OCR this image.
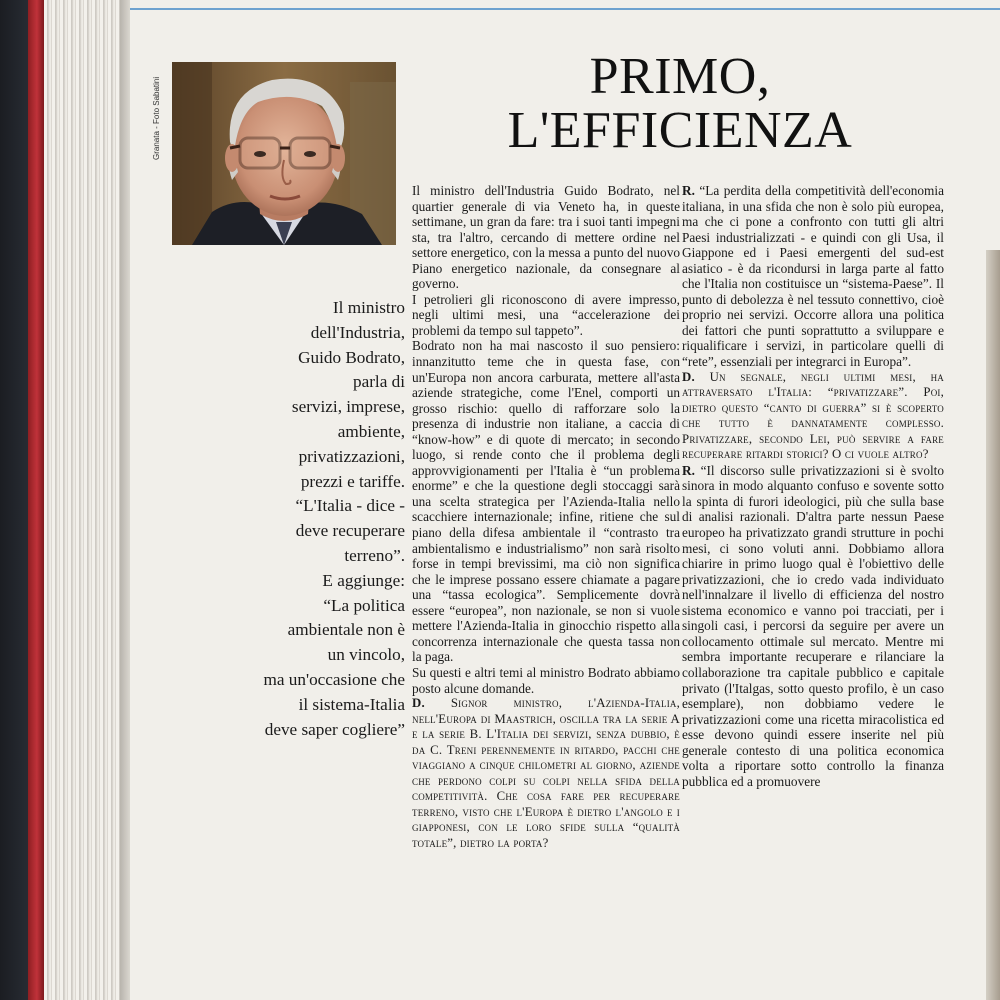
Granata - Foto Sabatini
PRIMO,
L'EFFICIENZA
Il ministro
dell'Industria,
Guido Bodrato,
parla di
servizi, imprese,
ambiente,
privatizzazioni,
prezzi e tariffe.
“L'Italia - dice -
deve recuperare
terreno”.
E aggiunge:
“La politica
ambientale non è
un vincolo,
ma un'occasione che
il sistema-Italia
deve saper cogliere”

Il ministro dell'Industria Guido Bodrato, nel quartier generale di via Veneto ha, in queste settimane, un gran da fare: tra i suoi tanti impegni sta, tra l'altro, cercando di mettere ordine nel settore energetico, con la messa a punto del nuovo Piano energetico nazionale, da consegnare al governo.

I petrolieri gli riconoscono di avere impresso, negli ultimi mesi, una “accelerazione dei problemi da tempo sul tappeto”.

Bodrato non ha mai nascosto il suo pensiero: innanzitutto teme che in questa fase, con un'Europa non ancora carburata, mettere all'asta aziende strategiche, come l'Enel, comporti un grosso rischio: quello di rafforzare solo la presenza di industrie non italiane, a caccia di “know-how” e di quote di mercato; in secondo luogo, si rende conto che il problema degli approvvigionamenti per l'Italia è “un problema enorme” e che la questione degli stoccaggi sarà una scelta strategica per l'Azienda-Italia nello scacchiere internazionale; infine, ritiene che sul piano della difesa ambientale il “contrasto tra ambientalismo e industrialismo” non sarà risolto forse in tempi brevissimi, ma ciò non significa che le imprese possano essere chiamate a pagare una “tassa ecologica”. Semplicemente dovrà essere “europea”, non nazionale, se non si vuole mettere l'Azienda-Italia in ginocchio rispetto alla concorrenza internazionale che questa tassa non la paga.

Su questi e altri temi al ministro Bodrato abbiamo posto alcune domande.

D. Signor ministro, l'Azienda-Italia, nell'Europa di Maastrich, oscilla tra la serie A e la serie B. L'Italia dei servizi, senza dubbio, è da C. Treni perennemente in ritardo, pacchi che viaggiano a cinque chilometri al giorno, aziende che perdono colpi su colpi nella sfida della competitività. Che cosa fare per recuperare terreno, visto che l'Europa è dietro l'angolo e i giapponesi, con le loro sfide sulla “qualità totale”, dietro la porta?

R. “La perdita della competitività dell'economia italiana, in una sfida che non è solo più europea, ma che ci pone a confronto con tutti gli altri Paesi industrializzati - e quindi con gli Usa, il Giappone ed i Paesi emergenti del sud-est asiatico - è da ricondursi in larga parte al fatto che l'Italia non costituisce un “sistema-Paese”. Il punto di debolezza è nel tessuto connettivo, cioè proprio nei servizi. Occorre allora una politica dei fattori che punti soprattutto a sviluppare e riqualificare i servizi, in particolare quelli di “rete”, essenziali per integrarci in Europa”.

D. Un segnale, negli ultimi mesi, ha attraversato l'Italia: “privatizzare”. Poi, dietro questo “canto di guerra” si è scoperto che tutto è dannatamente complesso. Privatizzare, secondo Lei, può servire a fare recuperare ritardi storici? O ci vuole altro?

R. “Il discorso sulle privatizzazioni si è svolto sinora in modo alquanto confuso e sovente sotto la spinta di furori ideologici, più che sulla base di analisi razionali. D'altra parte nessun Paese europeo ha privatizzato grandi strutture in pochi mesi, ci sono voluti anni. Dobbiamo allora chiarire in primo luogo qual è l'obiettivo delle privatizzazioni, che io credo vada individuato nell'innalzare il livello di efficienza del nostro sistema economico e vanno poi tracciati, per i singoli casi, i percorsi da seguire per avere un collocamento ottimale sul mercato. Mentre mi sembra importante recuperare e rilanciare la collaborazione tra capitale pubblico e capitale privato (l'Italgas, sotto questo profilo, è un caso esemplare), non dobbiamo vedere le privatizzazioni come una ricetta miracolistica ed esse devono quindi essere inserite nel più generale contesto di una politica economica volta a riportare sotto controllo la finanza pubblica ed a promuovere
